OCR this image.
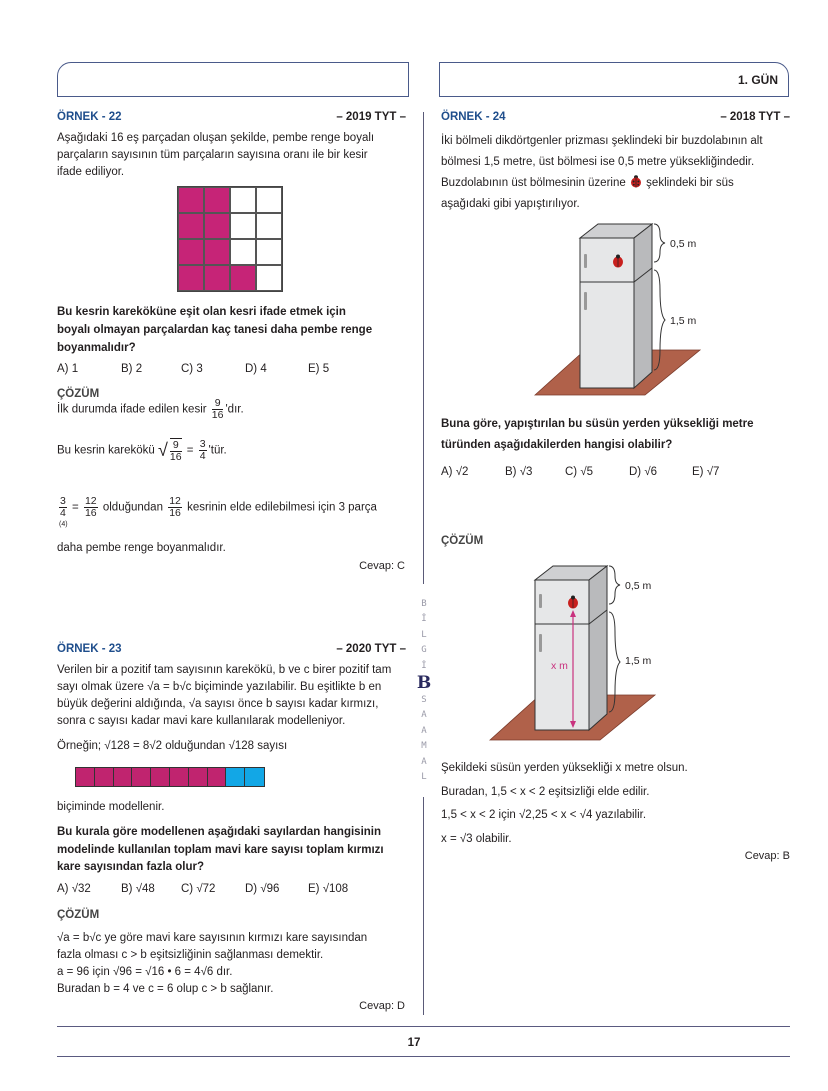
1. GÜN
B
İ
L
G
İ
B
S
A
A
M
A
L
ÖRNEK - 22	– 2019 TYT –
Aşağıdaki 16 eş parçadan oluşan şekilde, pembe renge boyalı
parçaların sayısının tüm parçaların sayısına oranı ile bir kesir
ifade ediliyor.
Bu kesrin kareköküne eşit olan kesri ifade etmek için
boyalı olmayan parçalardan kaç tanesi daha pembe renge
boyanmalıdır?
A) 1	B) 2	C) 3	D) 4	E) 5
ÇÖZÜM
İlk durumda ifade edilen kesir $\frac{9}{16}$ 'dır.
Bu kesrin karekökü √ $\frac{9}{16} = \frac{3}{4}$ 'tür.
3
4
(4)
= $\frac{12}{16}$ olduğundan $\frac{12}{16}$ kesrinin elde edilebilmesi için 3 parça
daha pembe renge boyanmalıdır.
Cevap: C
ÖRNEK - 23	– 2020 TYT –
Verilen bir a pozitif tam sayısının karekökü, b ve c birer pozitif tam
sayı olmak üzere √a = b√c biçiminde yazılabilir. Bu eşitlikte b en
büyük değerini aldığında, √a sayısı önce b sayısı kadar kırmızı,
sonra c sayısı kadar mavi kare kullanılarak modelleniyor.
Örneğin; √128 = 8√2 olduğundan √128 sayısı
biçiminde modellenir.
Bu kurala göre modellenen aşağıdaki sayılardan hangisinin
modelinde kullanılan toplam mavi kare sayısı toplam kırmızı
kare sayısından fazla olur?
A) √32	B) √48 C) √72	D) √96 E) √108
ÇÖZÜM
√a = b√c ye göre mavi kare sayısının kırmızı kare sayısından
fazla olması c > b eşitsizliğinin sağlanması demektir.
a = 96 için √96 = √16 • 6 = 4√6 dır.
Buradan b = 4 ve c = 6 olup c > b sağlanır.
Cevap: D
ÖRNEK - 24	– 2018 TYT –
İki bölmeli dikdörtgenler prizması şeklindeki bir buzdolabının alt
bölmesi 1,5 metre, üst bölmesi ise 0,5 metre yüksekliğindedir.
Buzdolabının üst bölmesinin üzerine şeklindeki bir süs
aşağıdaki gibi yapıştırılıyor.
0,5 m
1,5 m
Buna göre, yapıştırılan bu süsün yerden yüksekliği metre
türünden aşağıdakilerden hangisi olabilir?
A) √2	B) √3	C) √5	D) √6	E) √7
ÇÖZÜM
x m
0,5 m
1,5 m
Şekildeki süsün yerden yüksekliği x metre olsun.
Buradan, 1,5 < x < 2 eşitsizliği elde edilir.
1,5 < x < 2 için √2,25 < x < √4 yazılabilir.
x = √3 olabilir.
Cevap: B
17
